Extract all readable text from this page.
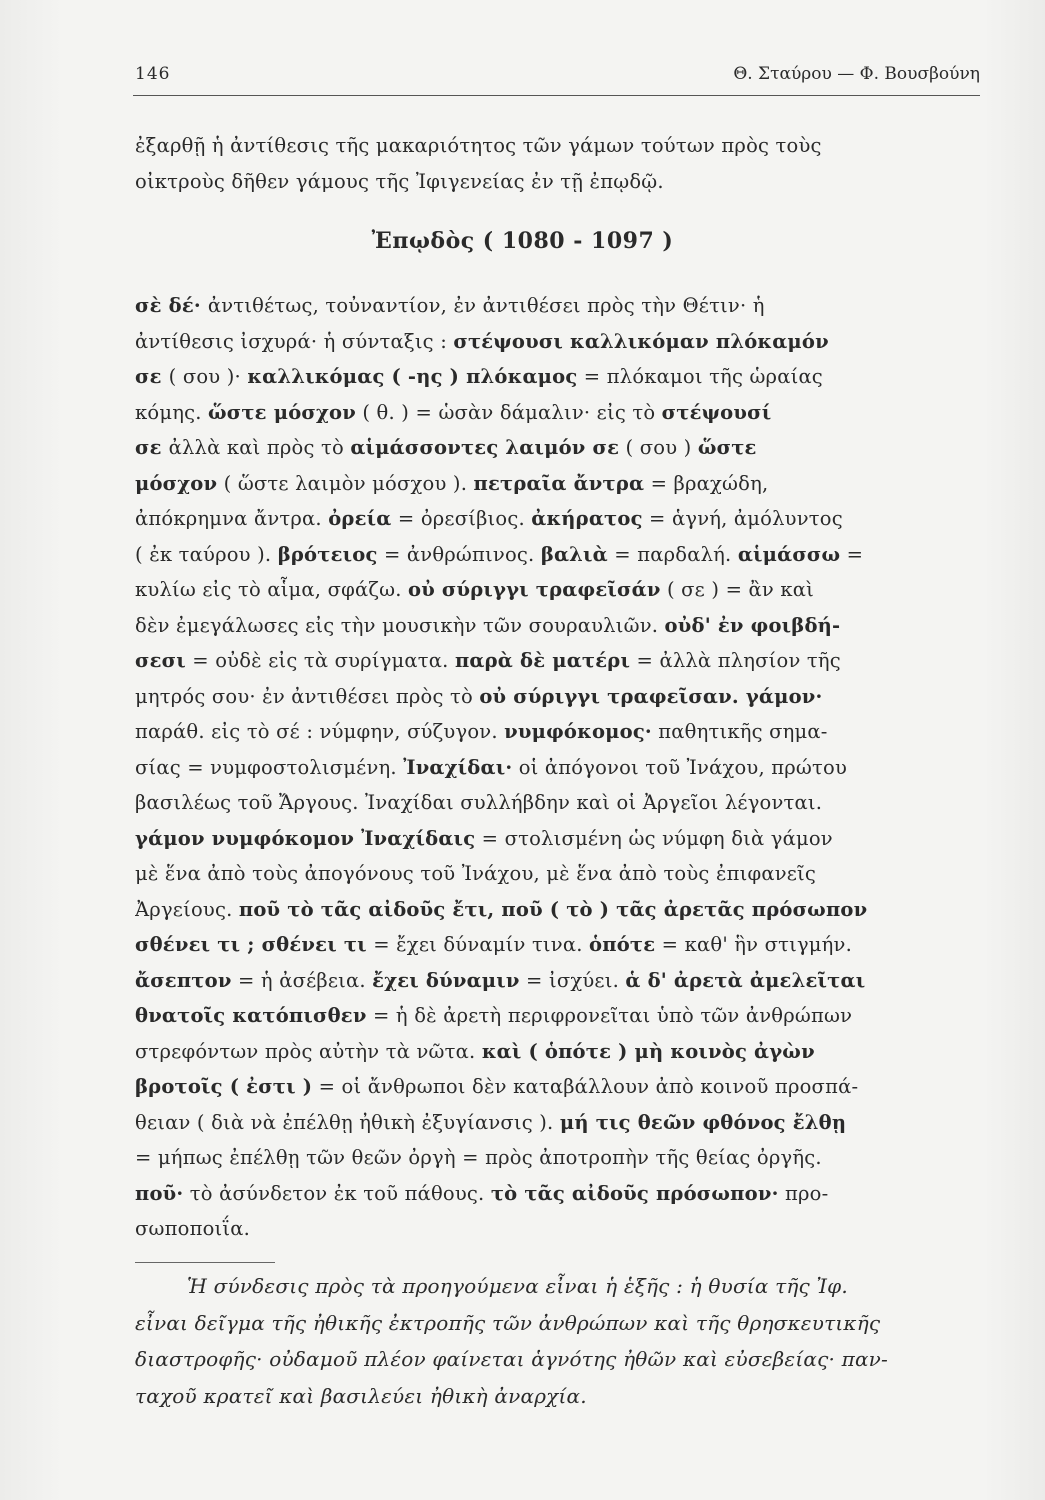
146	Θ. Σταύρου — Φ. Βουσβούνη
ἐξαρθῇ ἡ ἀντίθεσις τῆς μακαριότητος τῶν γάμων τούτων πρὸς τοὺς
οἰκτροὺς δῆθεν γάμους τῆς Ἰφιγενείας ἐν τῇ ἐπῳδῷ.
Ἐπῳδὸς ( 1080 - 1097 )
σὲ δέ· ἀντιθέτως, τοὐναντίον, ἐν ἀντιθέσει πρὸς τὴν Θέτιν· ἡ
ἀντίθεσις ἰσχυρά· ἡ σύνταξις : στέψουσι καλλικόμαν πλόκαμόν
σε ( σου )· καλλικόμας ( -ης ) πλόκαμος = πλόκαμοι τῆς ὡραίας
κόμης. ὥστε μόσχον ( θ. ) = ὡσὰν δάμαλιν· εἰς τὸ στέψουσί
σε ἀλλὰ καὶ πρὸς τὸ αἱμάσσοντες λαιμόν σε ( σου ) ὥστε
μόσχον ( ὥστε λαιμὸν μόσχου ). πετραῖα ἄντρα = βραχώδη,
ἀπόκρημνα ἄντρα. ὀρεία = ὀρεσίβιος. ἀκήρατος = ἁγνή, ἀμόλυντος
( ἐκ ταύρου ). βρότειος = ἀνθρώπινος. βαλιὰ = παρδαλή. αἱμάσσω =
κυλίω εἰς τὸ αἷμα, σφάζω. οὐ σύριγγι τραφεῖσάν ( σε ) = ἂν καὶ
δὲν ἐμεγάλωσες εἰς τὴν μουσικὴν τῶν σουραυλιῶν. οὐδ' ἐν φοιβδή-
σεσι = οὐδὲ εἰς τὰ συρίγματα. παρὰ δὲ ματέρι = ἀλλὰ πλησίον τῆς
μητρός σου· ἐν ἀντιθέσει πρὸς τὸ οὐ σύριγγι τραφεῖσαν. γάμον·
παράθ. εἰς τὸ σέ : νύμφην, σύζυγον. νυμφόκομος· παθητικῆς σημα-
σίας = νυμφοστολισμένη. Ἰναχίδαι· οἱ ἀπόγονοι τοῦ Ἰνάχου, πρώτου
βασιλέως τοῦ Ἄργους. Ἰναχίδαι συλλήβδην καὶ οἱ Ἀργεῖοι λέγονται.
γάμον νυμφόκομον Ἰναχίδαις = στολισμένη ὡς νύμφη διὰ γάμον
μὲ ἕνα ἀπὸ τοὺς ἀπογόνους τοῦ Ἰνάχου, μὲ ἕνα ἀπὸ τοὺς ἐπιφανεῖς
Ἀργείους. ποῦ τὸ τᾶς αἰδοῦς ἔτι, ποῦ ( τὸ ) τᾶς ἀρετᾶς πρόσωπον
σθένει τι ; σθένει τι = ἔχει δύναμίν τινα. ὁπότε = καθ' ἣν στιγμήν.
ἄσεπτον = ἡ ἀσέβεια. ἔχει δύναμιν = ἰσχύει. ἁ δ' ἀρετὰ ἀμελεῖται
θνατοῖς κατόπισθεν = ἡ δὲ ἀρετὴ περιφρονεῖται ὑπὸ τῶν ἀνθρώπων
στρεφόντων πρὸς αὐτὴν τὰ νῶτα. καὶ ( ὁπότε ) μὴ κοινὸς ἀγὼν
βροτοῖς ( ἐστι ) = οἱ ἄνθρωποι δὲν καταβάλλουν ἀπὸ κοινοῦ προσπά-
θειαν ( διὰ νὰ ἐπέλθῃ ἠθικὴ ἐξυγίανσις ). μή τις θεῶν φθόνος ἔλθῃ
= μήπως ἐπέλθῃ τῶν θεῶν ὀργὴ = πρὸς ἀποτροπὴν τῆς θείας ὀργῆς.
ποῦ· τὸ ἀσύνδετον ἐκ τοῦ πάθους. τὸ τᾶς αἰδοῦς πρόσωπον· προ-
σωποποιΐα.
Ἡ σύνδεσις πρὸς τὰ προηγούμενα εἶναι ἡ ἑξῆς : ἡ θυσία τῆς Ἰφ.
εἶναι δεῖγμα τῆς ἠθικῆς ἐκτροπῆς τῶν ἀνθρώπων καὶ τῆς θρησκευτικῆς
διαστροφῆς· οὐδαμοῦ πλέον φαίνεται ἁγνότης ἠθῶν καὶ εὐσεβείας· παν-
ταχοῦ κρατεῖ καὶ βασιλεύει ἠθικὴ ἀναρχία.
